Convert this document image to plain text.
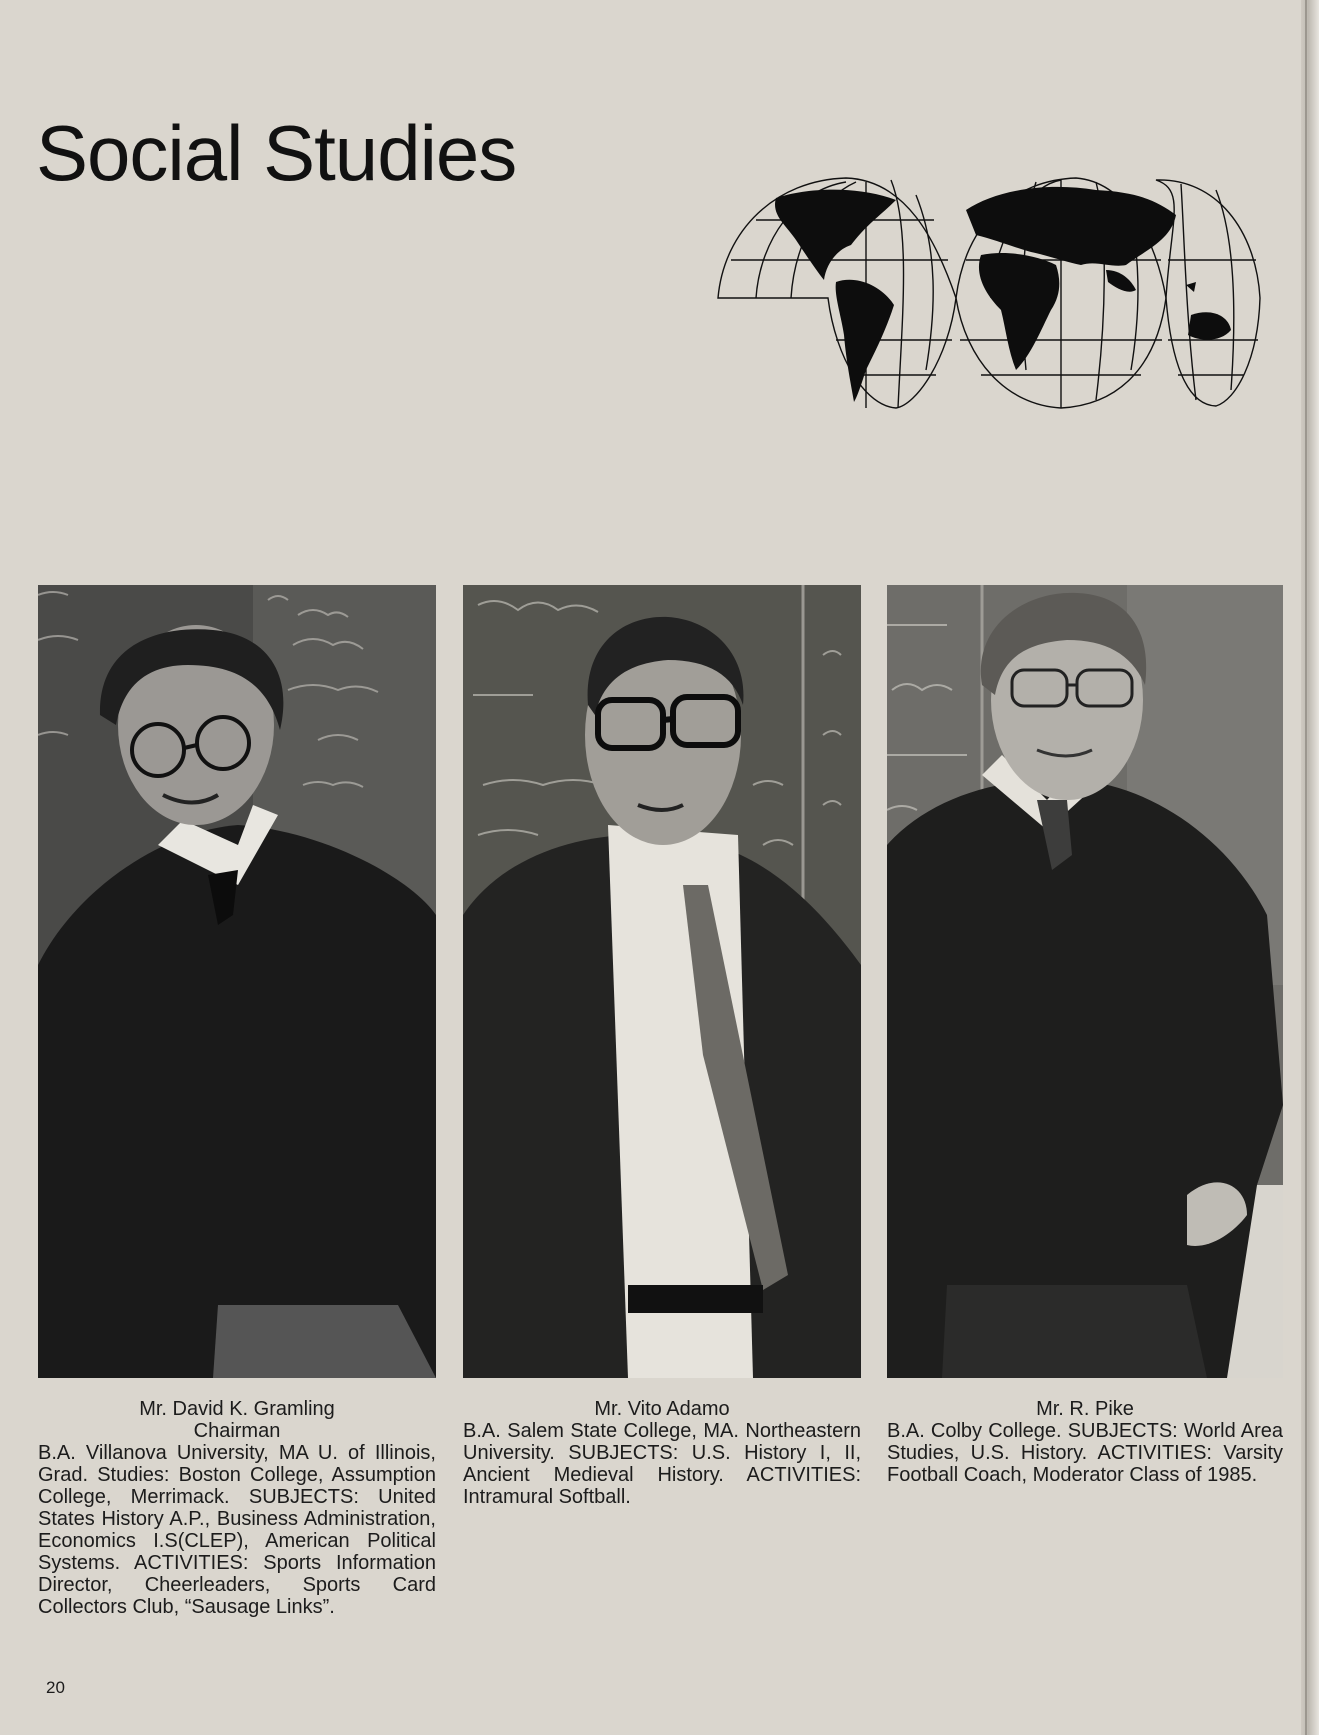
Social Studies
Mr. David K. Gramling
Chairman
B.A. Villanova University, MA U. of Illinois, Grad. Studies: Boston College, Assumption College, Merrimack. SUBJECTS: United States History A.P., Business Administration, Economics I.S(CLEP), American Political Systems. ACTIVITIES: Sports Information Director, Cheerleaders, Sports Card Collectors Club, “Sausage Links”.
Mr. Vito Adamo
B.A. Salem State College, MA. Northeastern University. SUBJECTS: U.S. History I, II, Ancient Medieval History. ACTIVITIES: Intramural Softball.
Mr. R. Pike
B.A. Colby College. SUBJECTS: World Area Studies, U.S. History. ACTIVITIES: Varsity Football Coach, Moderator Class of 1985.
20
